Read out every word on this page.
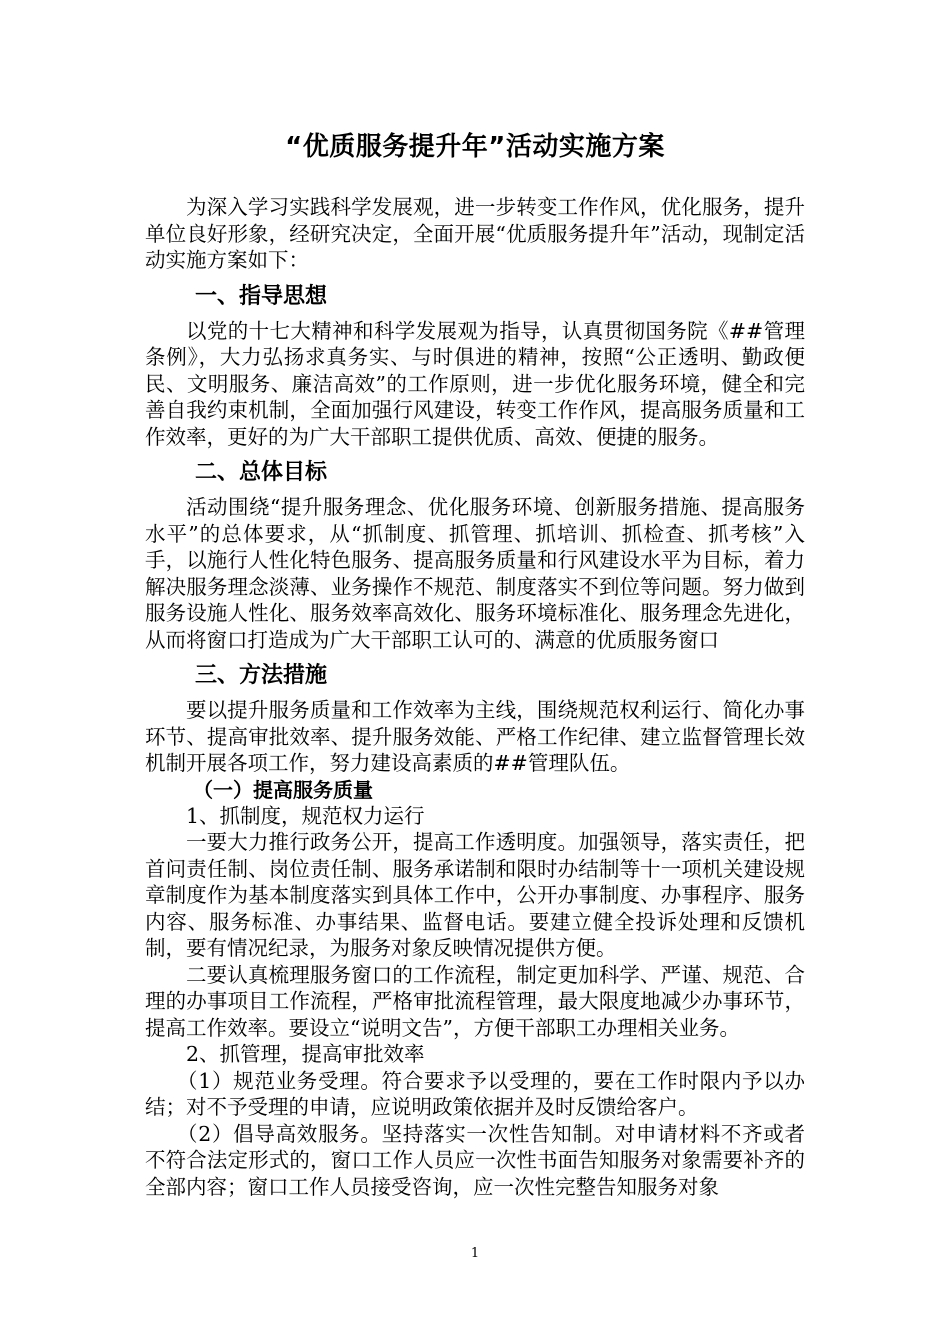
“优质服务提升年”活动实施方案

为深入学习实践科学发展观，进一步转变工作作风，优化服务，提升单位良好形象，经研究决定，全面开展“优质服务提升年”活动，现制定活动实施方案如下：

一、指导思想

以党的十七大精神和科学发展观为指导，认真贯彻国务院《##管理条例》，大力弘扬求真务实、与时俱进的精神，按照“公正透明、勤政便民、文明服务、廉洁高效”的工作原则，进一步优化服务环境，健全和完善自我约束机制，全面加强行风建设，转变工作作风，提高服务质量和工作效率，更好的为广大干部职工提供优质、高效、便捷的服务。

二、总体目标

活动围绕“提升服务理念、优化服务环境、创新服务措施、提高服务水平”的总体要求，从“抓制度、抓管理、抓培训、抓检查、抓考核”入手，以施行人性化特色服务、提高服务质量和行风建设水平为目标，着力解决服务理念淡薄、业务操作不规范、制度落实不到位等问题。努力做到服务设施人性化、服务效率高效化、服务环境标准化、服务理念先进化，从而将窗口打造成为广大干部职工认可的、满意的优质服务窗口

三、方法措施

要以提升服务质量和工作效率为主线，围绕规范权利运行、简化办事环节、提高审批效率、提升服务效能、严格工作纪律、建立监督管理长效机制开展各项工作，努力建设高素质的##管理队伍。

（一）提高服务质量

1、抓制度，规范权力运行

一要大力推行政务公开，提高工作透明度。加强领导，落实责任，把首问责任制、岗位责任制、服务承诺制和限时办结制等十一项机关建设规章制度作为基本制度落实到具体工作中，公开办事制度、办事程序、服务内容、服务标准、办事结果、监督电话。要建立健全投诉处理和反馈机制，要有情况纪录，为服务对象反映情况提供方便。

二要认真梳理服务窗口的工作流程，制定更加科学、严谨、规范、合理的办事项目工作流程，严格审批流程管理，最大限度地减少办事环节，提高工作效率。要设立“说明文告”，方便干部职工办理相关业务。

2、抓管理，提高审批效率

（1）规范业务受理。符合要求予以受理的，要在工作时限内予以办结；对不予受理的申请，应说明政策依据并及时反馈给客户。

（2）倡导高效服务。坚持落实一次性告知制。对申请材料不齐或者不符合法定形式的，窗口工作人员应一次性书面告知服务对象需要补齐的全部内容；窗口工作人员接受咨询，应一次性完整告知服务对象

1
